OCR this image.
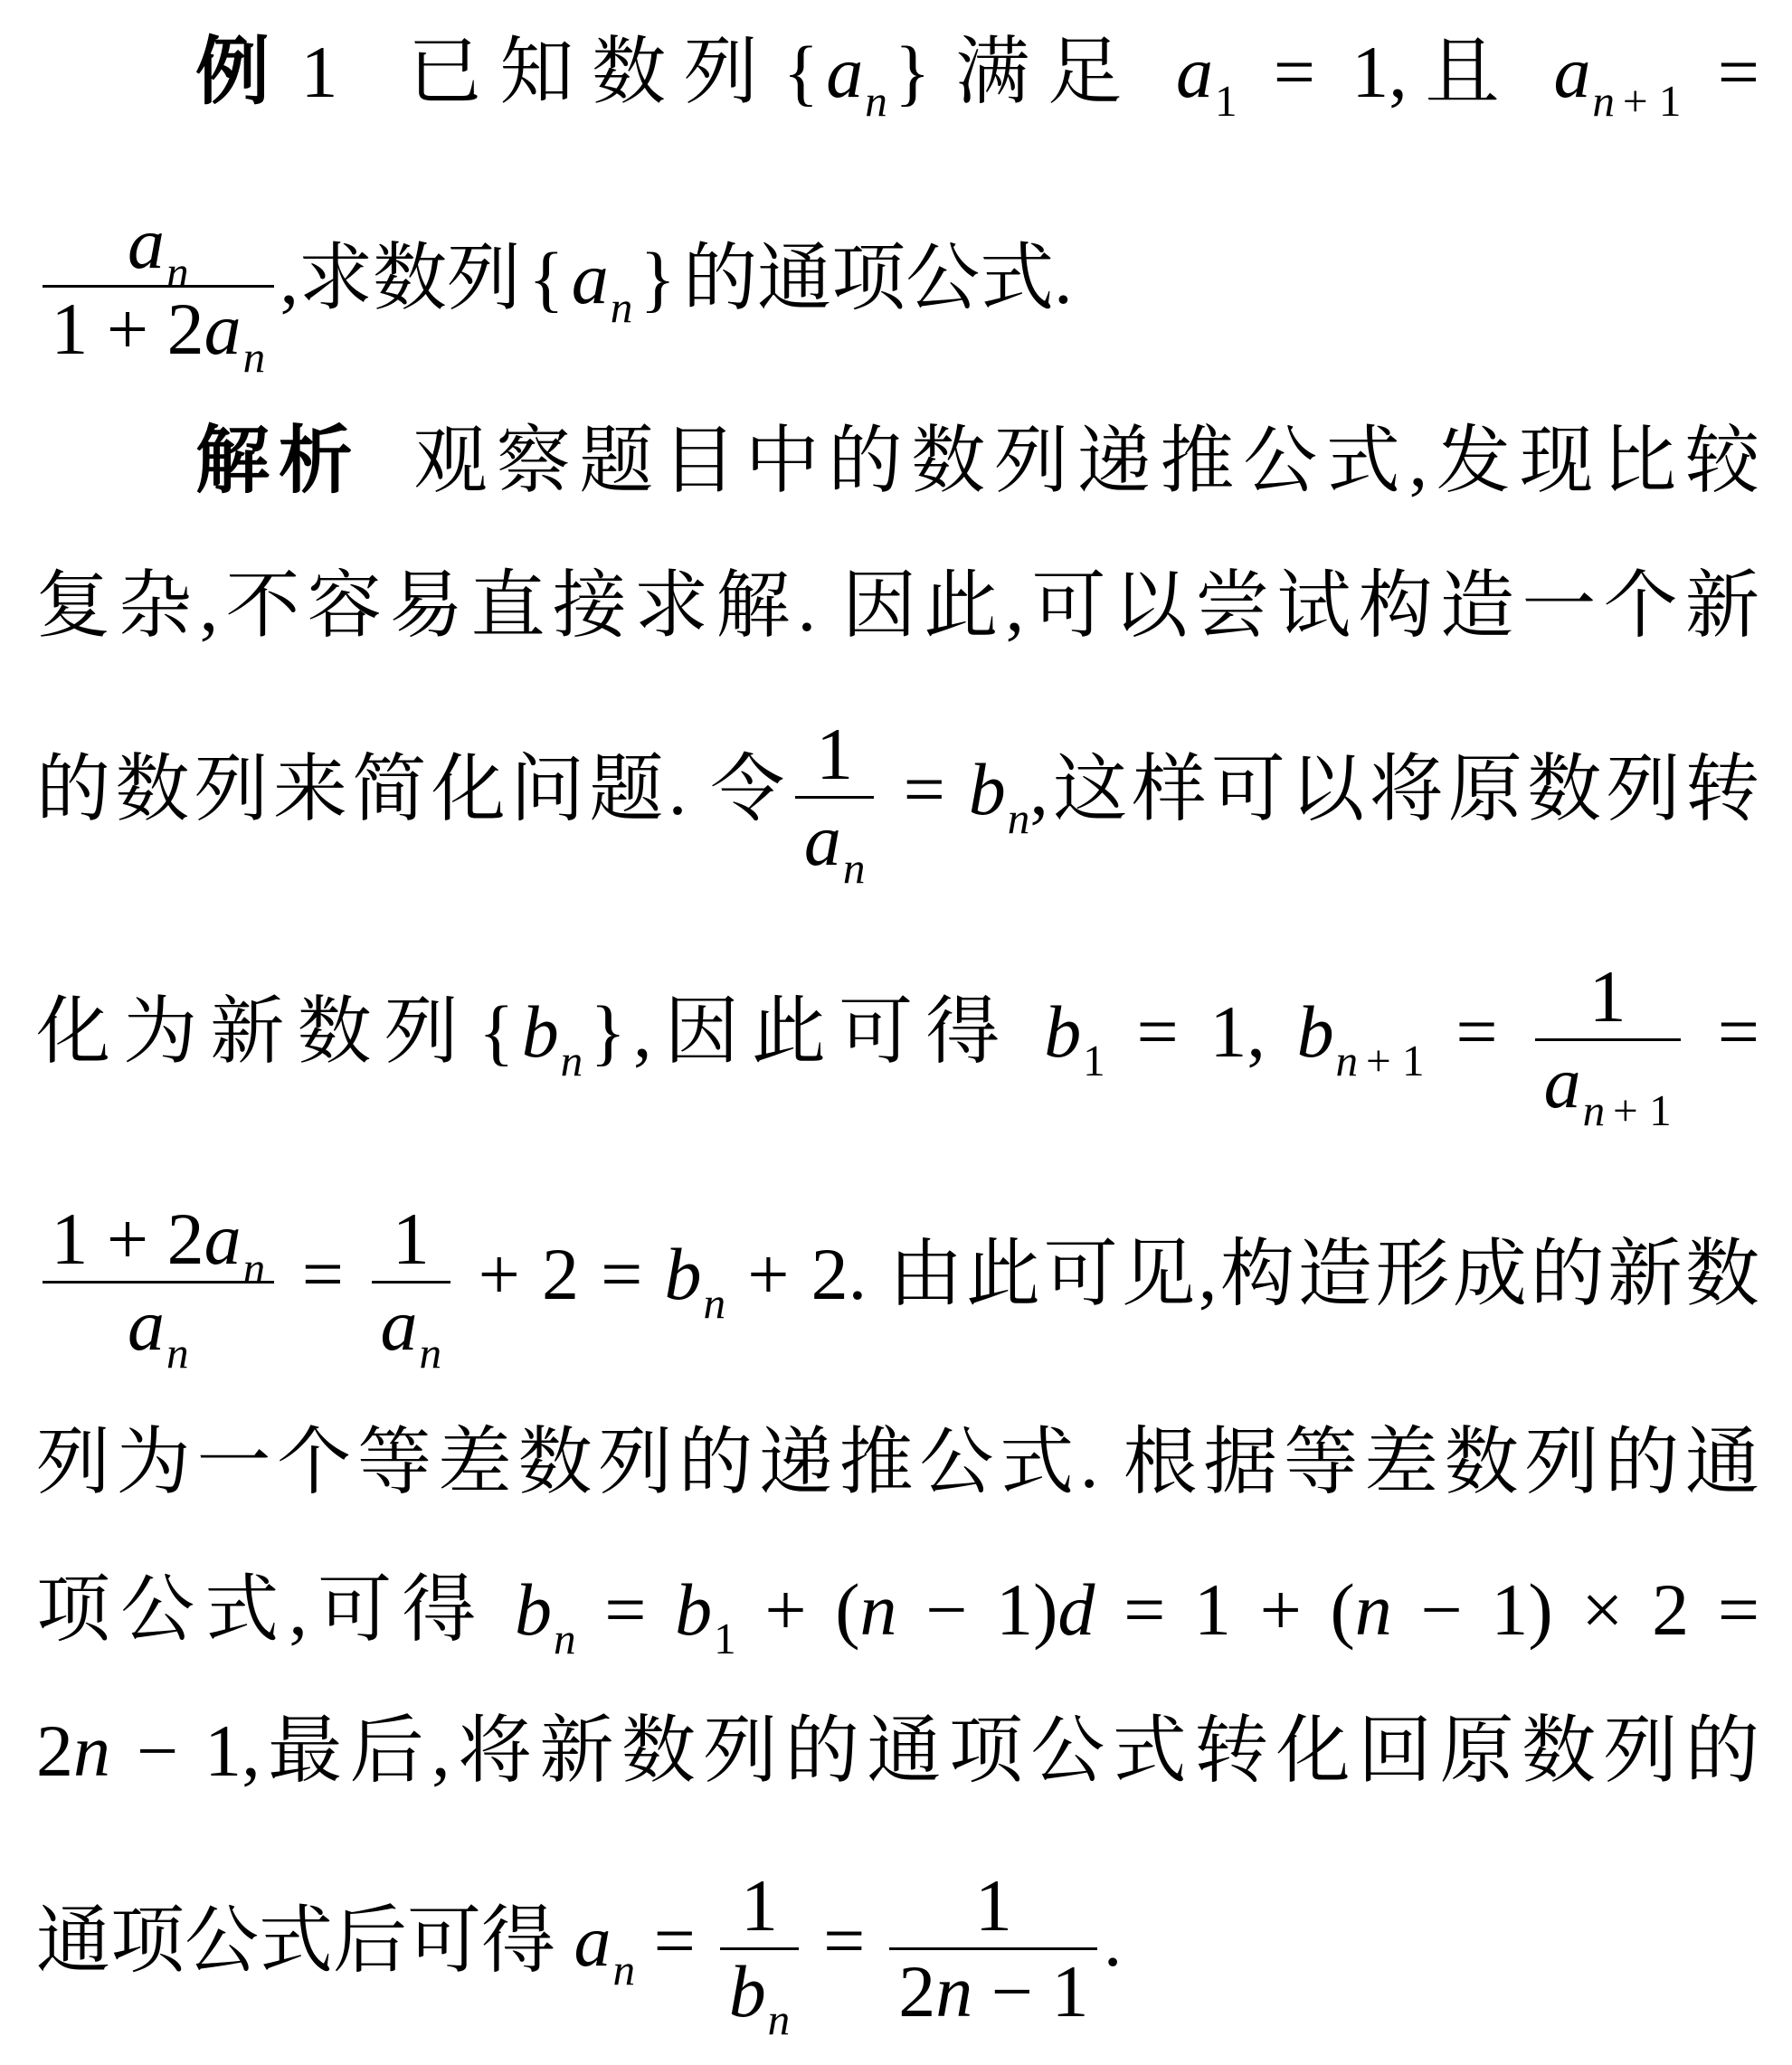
例 1 已知数列{an}满足 a1 = 1,且 an + 1 =
$\frac{an}{1 + 2an}$ ,求数列{an}的通项公式.
解析 观察题目中的数列递推公式,发现比较
复杂,不容易直接求解. 因此,可以尝试构造一个新
的数列来简化问题. 令 $\frac{1}{an}$ = bn,这样可以将原数列转
化为新数列{bn},因此可得 b1 = 1, bn + $1 = \frac{1}{an + 1}$ =
$\frac{1 + 2an}{an} = \frac{1}{an} + 2$ = bn + 2. 由此可见,构造形成的新数
列为一个等差数列的递推公式. 根据等差数列的通
项公式,可得 bn = b1 + (n − 1)d = 1 + (n − 1) × 2 =
2n − 1,最后,将新数列的通项公式转化回原数列的
通项公式后可得 an = $\frac{1}{bn} = \frac{1}{2n - 1}$ .
